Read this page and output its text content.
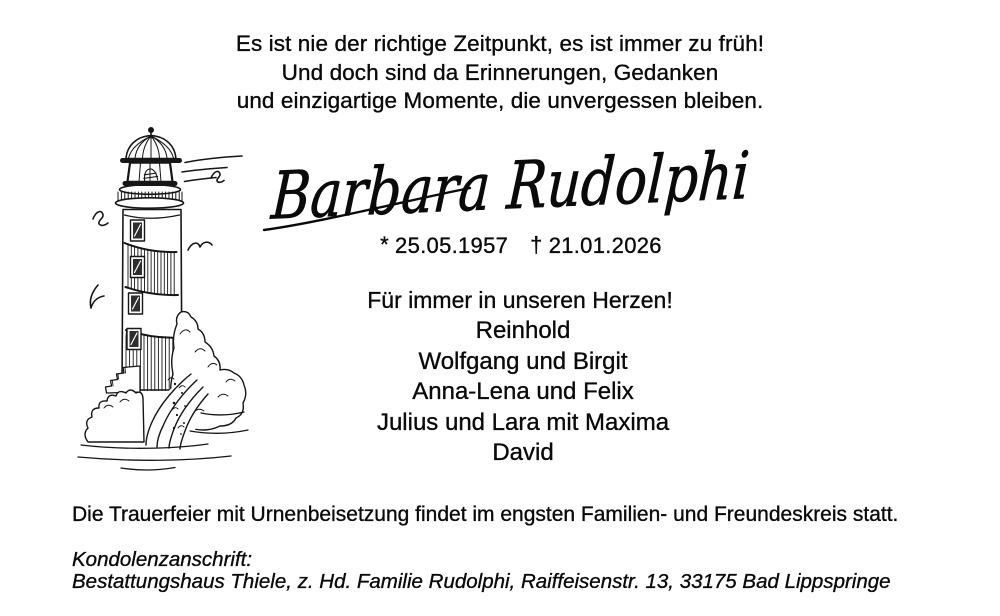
Es ist nie der richtige Zeitpunkt, es ist immer zu früh!
Und doch sind da Erinnerungen, Gedanken
und einzigartige Momente, die unvergessen bleiben.
Barbara Rudolphi
* 25.05.1957 † 21.01.2026
Für immer in unseren Herzen!
Reinhold
Wolfgang und Birgit
Anna-Lena und Felix
Julius und Lara mit Maxima
David
Die Trauerfeier mit Urnenbeisetzung findet im engsten Familien- und Freundeskreis statt.
Kondolenzanschrift:
Bestattungshaus Thiele, z. Hd. Familie Rudolphi, Raiffeisenstr. 13, 33175 Bad Lippspringe
